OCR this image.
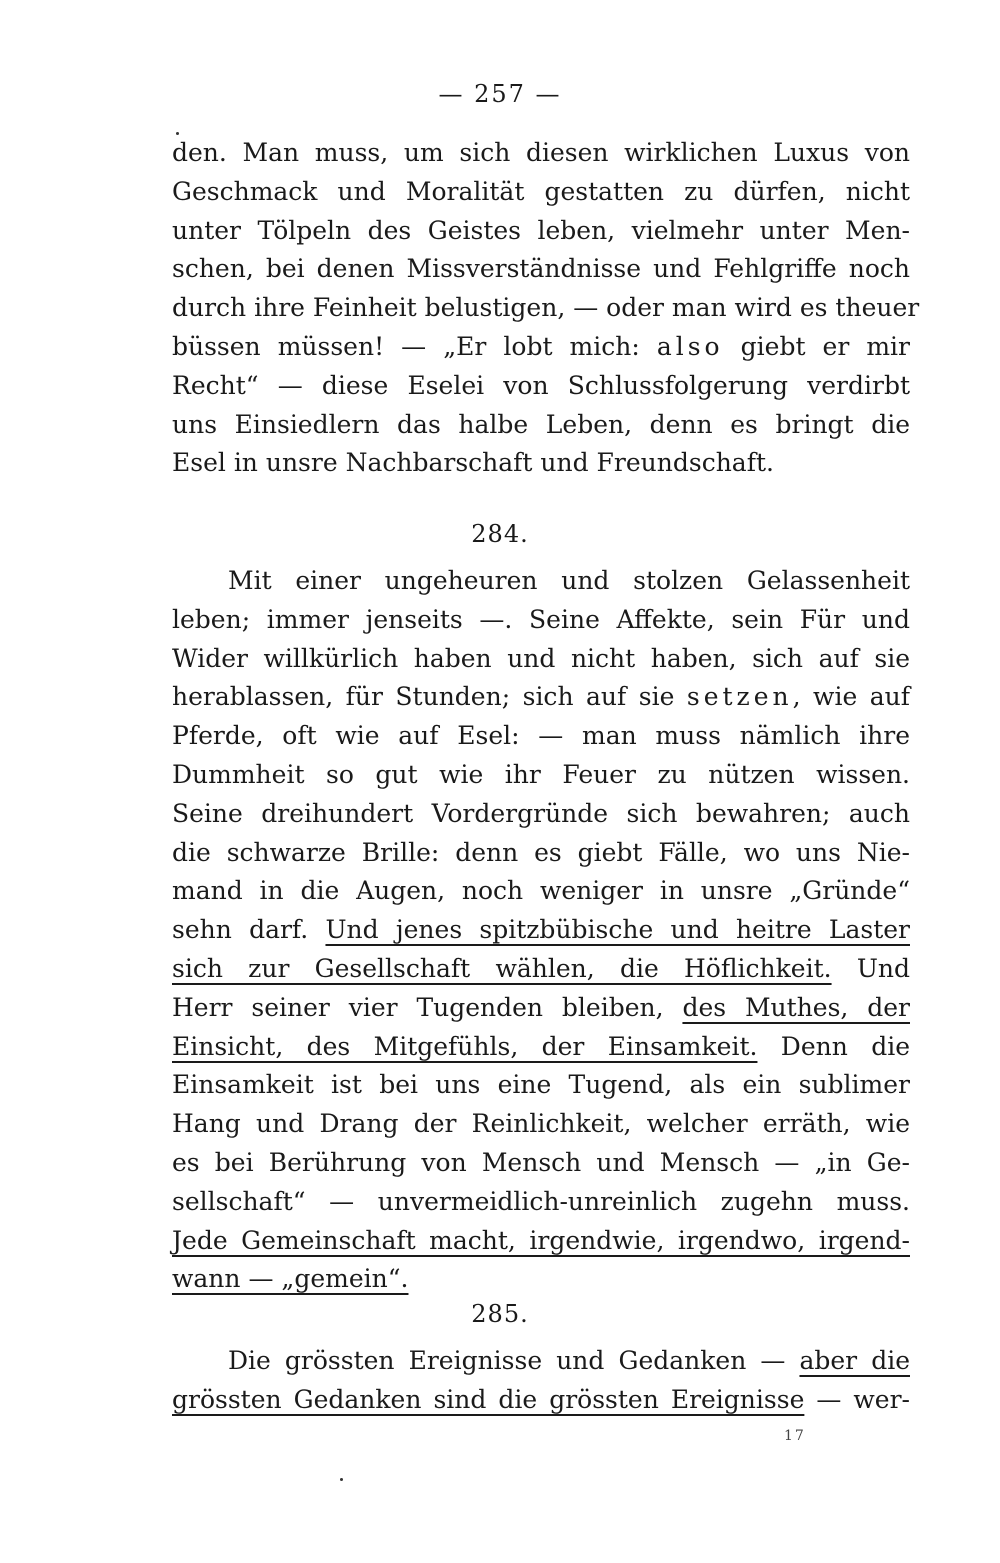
— 257 —
den. Man muss, um sich diesen wirklichen Luxus von
Geschmack und Moralität gestatten zu dürfen, nicht
unter Tölpeln des Geistes leben, vielmehr unter Men-
schen, bei denen Missverständnisse und Fehlgriffe noch
durch ihre Feinheit belustigen, — oder man wird es theuer
büssen müssen! — „Er lobt mich: also giebt er mir
Recht“ — diese Eselei von Schlussfolgerung verdirbt
uns Einsiedlern das halbe Leben, denn es bringt die
Esel in unsre Nachbarschaft und Freundschaft.
284.
Mit einer ungeheuren und stolzen Gelassenheit
leben; immer jenseits —. Seine Affekte, sein Für und
Wider willkürlich haben und nicht haben, sich auf sie
herablassen, für Stunden; sich auf sie setzen, wie auf
Pferde, oft wie auf Esel: — man muss nämlich ihre
Dummheit so gut wie ihr Feuer zu nützen wissen.
Seine dreihundert Vordergründe sich bewahren; auch
die schwarze Brille: denn es giebt Fälle, wo uns Nie-
mand in die Augen, noch weniger in unsre „Gründe“
sehn darf. Und jenes spitzbübische und heitre Laster
sich zur Gesellschaft wählen, die Höflichkeit. Und
Herr seiner vier Tugenden bleiben, des Muthes, der
Einsicht, des Mitgefühls, der Einsamkeit. Denn die
Einsamkeit ist bei uns eine Tugend, als ein sublimer
Hang und Drang der Reinlichkeit, welcher erräth, wie
es bei Berührung von Mensch und Mensch — „in Ge-
sellschaft“ — unvermeidlich-unreinlich zugehn muss.
Jede Gemeinschaft macht, irgendwie, irgendwo, irgend-
wann — „gemein“.
285.
Die grössten Ereignisse und Gedanken — aber die
grössten Gedanken sind die grössten Ereignisse — wer-
17
